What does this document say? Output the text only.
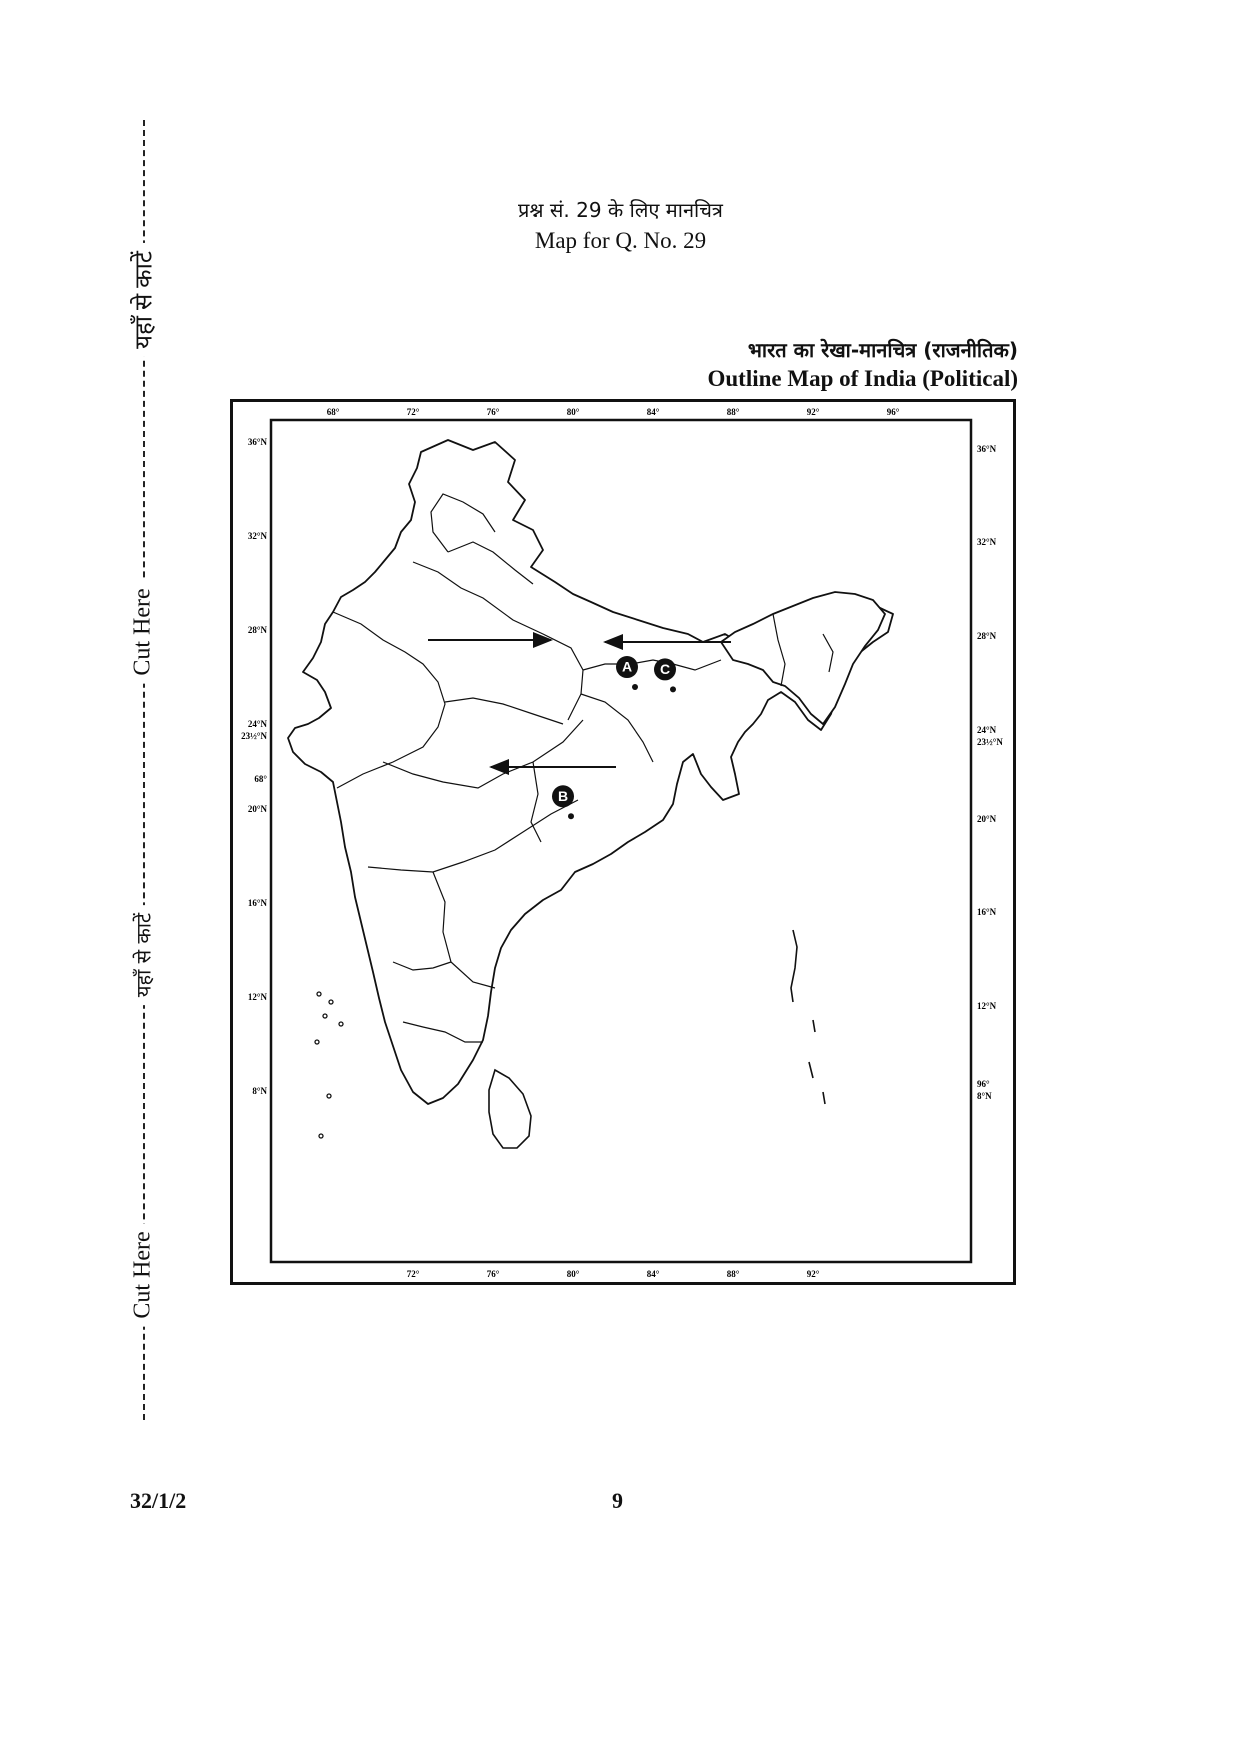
यहाँ से काटें
Cut Here
यहाँ से काटें
Cut Here
प्रश्न सं. 29 के लिए मानचित्र
Map for Q. No. 29
भारत का रेखा-मानचित्र (राजनीतिक)
Outline Map of India (Political)
68°	72°	76°	80°	84°	88°	92°	96°
72°	76°	80°	84°	88°	92°
36°N
32°N
28°N
24°N
23½°N
68°
20°N
16°N
12°N
8°N
36°N
32°N
28°N
24°N
23½°N
20°N
16°N
12°N
96°
8°N
A
B
C
32/1/2	9
